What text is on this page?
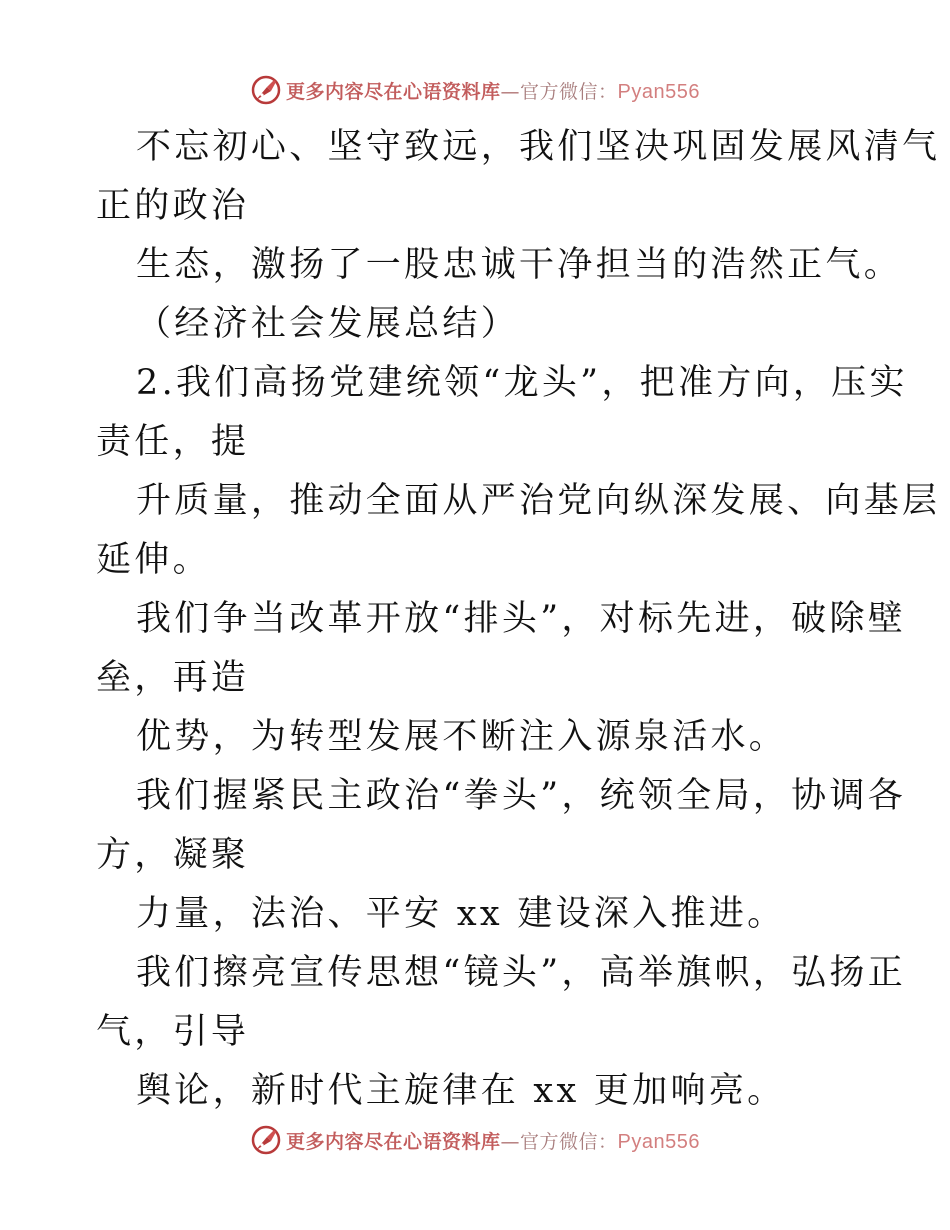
更多内容尽在心语资料库—官方微信：Pyan556
不忘初心、坚守致远，我们坚决巩固发展风清气
正的政治
生态，激扬了一股忠诚干净担当的浩然正气。
（经济社会发展总结）
2.我们高扬党建统领“龙头”，把准方向，压实
责任，提
升质量，推动全面从严治党向纵深发展、向基层
延伸。
我们争当改革开放“排头”，对标先进，破除壁
垒，再造
优势，为转型发展不断注入源泉活水。
我们握紧民主政治“拳头”，统领全局，协调各
方，凝聚
力量，法治、平安 xx 建设深入推进。
我们擦亮宣传思想“镜头”，高举旗帜，弘扬正
气，引导
舆论，新时代主旋律在 xx 更加响亮。
更多内容尽在心语资料库—官方微信：Pyan556
